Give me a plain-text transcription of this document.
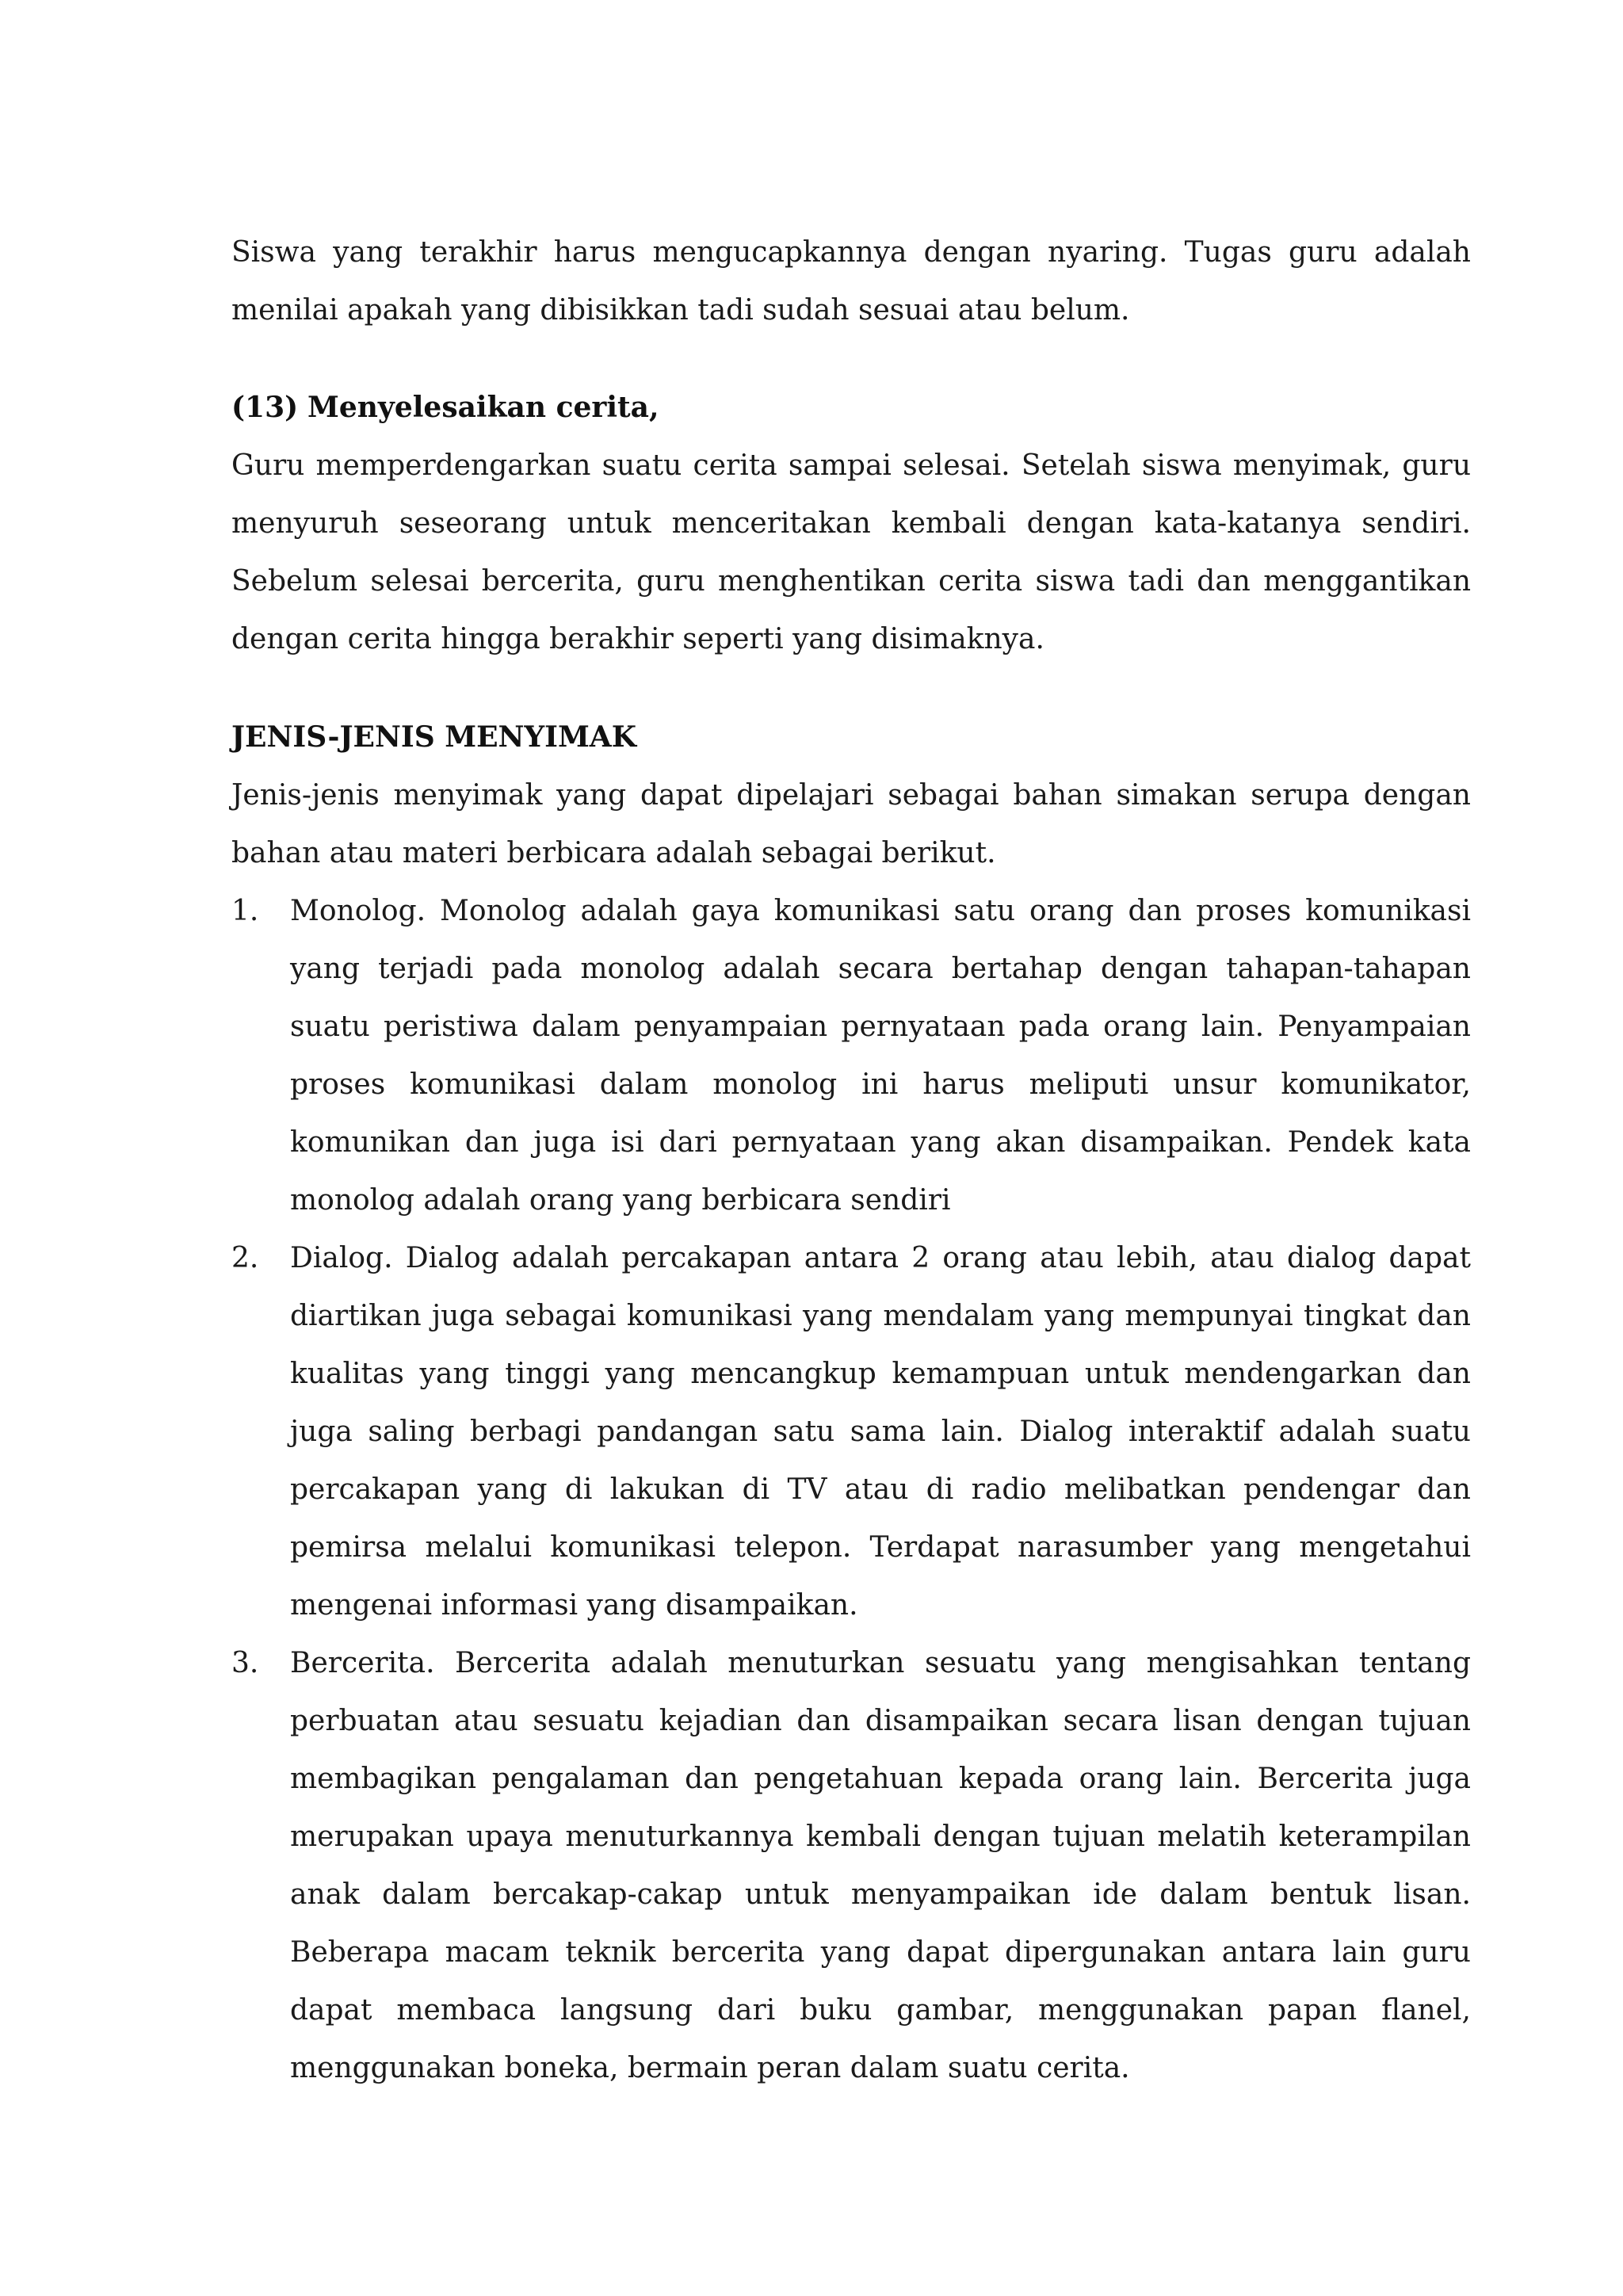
Siswa yang terakhir harus mengucapkannya dengan nyaring. Tugas guru adalah menilai apakah yang dibisikkan tadi sudah sesuai atau belum.

(13) Menyelesaikan cerita,

Guru memperdengarkan suatu cerita sampai selesai. Setelah siswa menyimak, guru menyuruh seseorang untuk menceritakan kembali dengan kata-katanya sendiri. Sebelum selesai bercerita, guru menghentikan cerita siswa tadi dan menggantikan dengan cerita hingga berakhir seperti yang disimaknya.

JENIS-JENIS MENYIMAK

Jenis-jenis menyimak yang dapat dipelajari sebagai bahan simakan serupa dengan bahan atau materi berbicara adalah sebagai berikut.

1.	Monolog. Monolog adalah gaya komunikasi satu orang dan proses komunikasi yang terjadi pada monolog adalah secara bertahap dengan tahapan-tahapan suatu peristiwa dalam penyampaian pernyataan pada orang lain. Penyampaian proses komunikasi dalam monolog ini harus meliputi unsur komunikator, komunikan dan juga isi dari pernyataan yang akan disampaikan. Pendek kata monolog adalah orang yang berbicara sendiri
2.	Dialog. Dialog adalah percakapan antara 2 orang atau lebih, atau dialog dapat diartikan juga sebagai komunikasi yang mendalam yang mempunyai tingkat dan kualitas yang tinggi yang mencangkup kemampuan untuk mendengarkan dan juga saling berbagi pandangan satu sama lain. Dialog interaktif adalah suatu percakapan yang di lakukan di TV atau di radio melibatkan pendengar dan pemirsa melalui komunikasi telepon. Terdapat narasumber yang mengetahui mengenai informasi yang disampaikan.
3.	Bercerita. Bercerita adalah menuturkan sesuatu yang mengisahkan tentang perbuatan atau sesuatu kejadian dan disampaikan secara lisan dengan tujuan membagikan pengalaman dan pengetahuan kepada orang lain. Bercerita juga merupakan upaya menuturkannya kembali dengan tujuan melatih keterampilan anak dalam bercakap-cakap untuk menyampaikan ide dalam bentuk lisan. Beberapa macam teknik bercerita yang dapat dipergunakan antara lain guru dapat membaca langsung dari buku gambar, menggunakan papan flanel, menggunakan boneka, bermain peran dalam suatu cerita.
